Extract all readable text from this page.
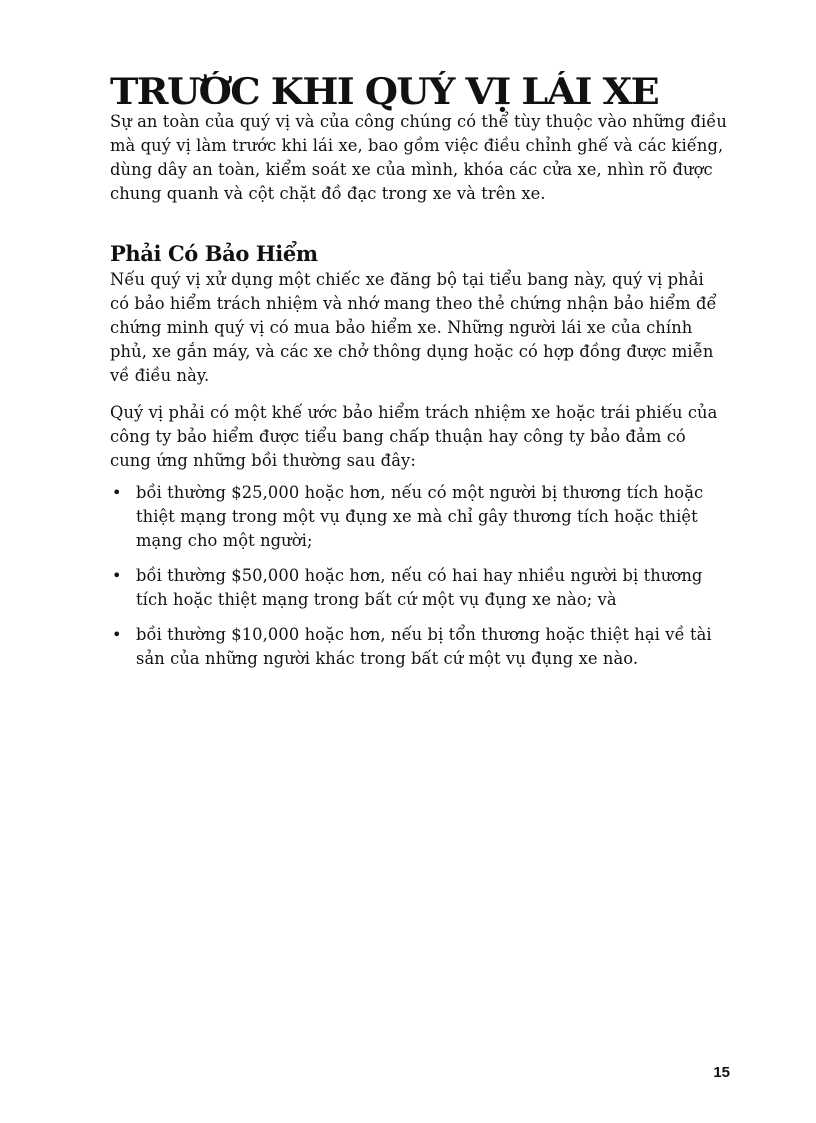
TRƯỚC KHI QUÝ VỊ LÁI XE

Sự an toàn của quý vị và của công chúng có thể tùy thuộc vào những điều mà quý vị làm trước khi lái xe, bao gồm việc điều chỉnh ghế và các kiếng, dùng dây an toàn, kiểm soát xe của mình, khóa các cửa xe, nhìn rõ được chung quanh và cột chặt đồ đạc trong xe và trên xe.

Phải Có Bảo Hiểm

Nếu quý vị xử dụng một chiếc xe đăng bộ tại tiểu bang này, quý vị phải có bảo hiểm trách nhiệm và nhớ mang theo thẻ chứng nhận bảo hiểm để chứng minh quý vị có mua bảo hiểm xe. Những người lái xe của chính phủ, xe gắn máy, và các xe chở thông dụng hoặc có hợp đồng được miễn về điều này.

Quý vị phải có một khế ước bảo hiểm trách nhiệm xe hoặc trái phiếu của công ty bảo hiểm được tiểu bang chấp thuận hay công ty bảo đảm có cung ứng những bồi thường sau đây:

• bồi thường $25,000 hoặc hơn, nếu có một người bị thương tích hoặc thiệt mạng trong một vụ đụng xe mà chỉ gây thương tích hoặc thiệt mạng cho một người;
• bồi thường $50,000 hoặc hơn, nếu có hai hay nhiều người bị thương tích hoặc thiệt mạng trong bất cứ một vụ đụng xe nào; và
• bồi thường $10,000 hoặc hơn, nếu bị tổn thương hoặc thiệt hại về tài sản của những người khác trong bất cứ một vụ đụng xe nào.
15
